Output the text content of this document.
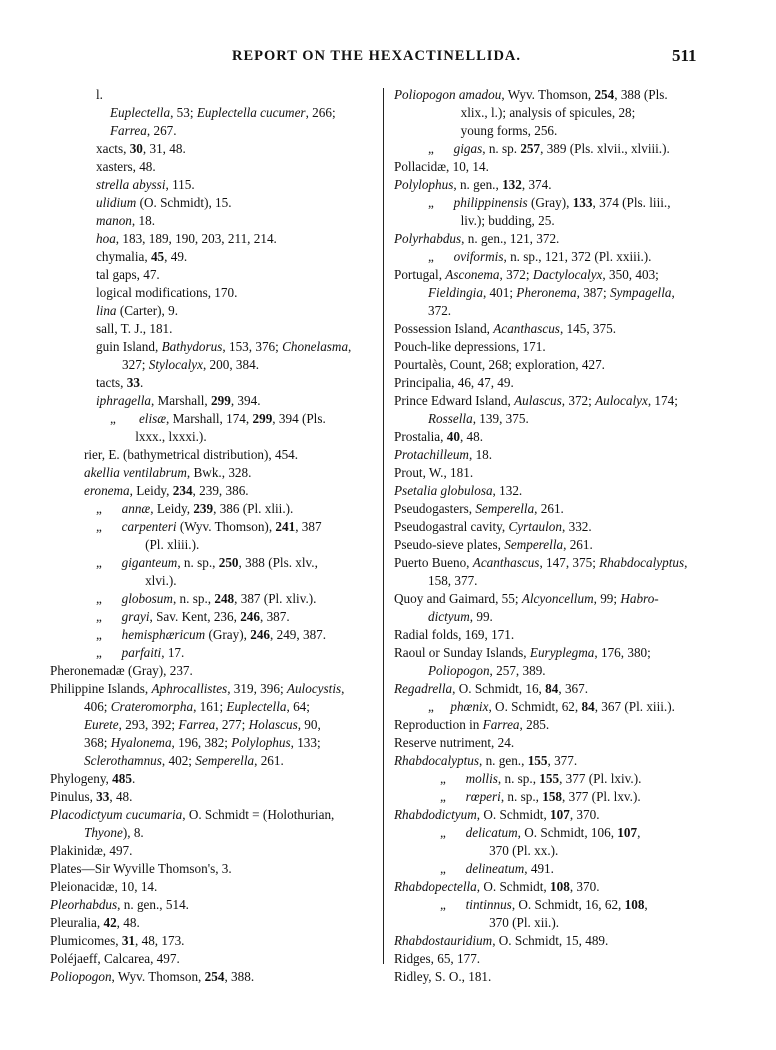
REPORT ON THE HEXACTINELLIDA.	511
l.
Euplectella, 53; Euplectella cucumer, 266;
Farrea, 267.
xacts, 30, 31, 48.
xasters, 48.
strella abyssi, 115.
ulidium (O. Schmidt), 15.
manon, 18.
hoa, 183, 189, 190, 203, 211, 214.
chymalia, 45, 49.
tal gaps, 47.
logical modifications, 170.
lina (Carter), 9.
sall, T. J., 181.
guin Island, Bathydorus, 153, 376; Chonelasma,
327; Stylocalyx, 200, 384.
tacts, 33.
iphragella, Marshall, 299, 394.
„       elisæ, Marshall, 174, 299, 394 (Pls.
lxxx., lxxxi.).
rier, E. (bathymetrical distribution), 454.
akellia ventilabrum, Bwk., 328.
eronema, Leidy, 234, 239, 386.
„      annæ, Leidy, 239, 386 (Pl. xlii.).
„      carpenteri (Wyv. Thomson), 241, 387
(Pl. xliii.).
„      giganteum, n. sp., 250, 388 (Pls. xlv.,
xlvi.).
„      globosum, n. sp., 248, 387 (Pl. xliv.).
„      grayi, Sav. Kent, 236, 246, 387.
„      hemisphæricum (Gray), 246, 249, 387.
„      parfaiti, 17.
Pheronemadæ (Gray), 237.
Philippine Islands, Aphrocallistes, 319, 396; Aulocystis,
406; Crateromorpha, 161; Euplectella, 64;
Eurete, 293, 392; Farrea, 277; Holascus, 90,
368; Hyalonema, 196, 382; Polylophus, 133;
Sclerothamnus, 402; Semperella, 261.
Phylogeny, 485.
Pinulus, 33, 48.
Placodictyum cucumaria, O. Schmidt = (Holothurian,
Thyone), 8.
Plakinidæ, 497.
Plates—Sir Wyville Thomson's, 3.
Pleionacidæ, 10, 14.
Pleorhabdus, n. gen., 514.
Pleuralia, 42, 48.
Plumicomes, 31, 48, 173.
Poléjaeff, Calcarea, 497.
Poliopogon, Wyv. Thomson, 254, 388.
Poliopogon amadou, Wyv. Thomson, 254, 388 (Pls.
xlix., l.); analysis of spicules, 28;
young forms, 256.
„      gigas, n. sp. 257, 389 (Pls. xlvii., xlviii.).
Pollacidæ, 10, 14.
Polylophus, n. gen., 132, 374.
„      philippinensis (Gray), 133, 374 (Pls. liii.,
liv.); budding, 25.
Polyrhabdus, n. gen., 121, 372.
„      oviformis, n. sp., 121, 372 (Pl. xxiii.).
Portugal, Asconema, 372; Dactylocalyx, 350, 403;
Fieldingia, 401; Pheronema, 387; Sympagella,
372.
Possession Island, Acanthascus, 145, 375.
Pouch-like depressions, 171.
Pourtalès, Count, 268; exploration, 427.
Principalia, 46, 47, 49.
Prince Edward Island, Aulascus, 372; Aulocalyx, 174;
Rossella, 139, 375.
Prostalia, 40, 48.
Protachilleum, 18.
Prout, W., 181.
Psetalia globulosa, 132.
Pseudogasters, Semperella, 261.
Pseudogastral cavity, Cyrtaulon, 332.
Pseudo-sieve plates, Semperella, 261.
Puerto Bueno, Acanthascus, 147, 375; Rhabdocalyptus,
158, 377.
Quoy and Gaimard, 55; Alcyoncellum, 99; Habro-
dictyum, 99.
Radial folds, 169, 171.
Raoul or Sunday Islands, Euryplegma, 176, 380;
Poliopogon, 257, 389.
Regadrella, O. Schmidt, 16, 84, 367.
„     phœnix, O. Schmidt, 62, 84, 367 (Pl. xiii.).
Reproduction in Farrea, 285.
Reserve nutriment, 24.
Rhabdocalyptus, n. gen., 155, 377.
„      mollis, n. sp., 155, 377 (Pl. lxiv.).
„      rœperi, n. sp., 158, 377 (Pl. lxv.).
Rhabdodictyum, O. Schmidt, 107, 370.
„      delicatum, O. Schmidt, 106, 107,
370 (Pl. xx.).
„      delineatum, 491.
Rhabdopectella, O. Schmidt, 108, 370.
„      tintinnus, O. Schmidt, 16, 62, 108,
370 (Pl. xii.).
Rhabdostauridium, O. Schmidt, 15, 489.
Ridges, 65, 177.
Ridley, S. O., 181.
